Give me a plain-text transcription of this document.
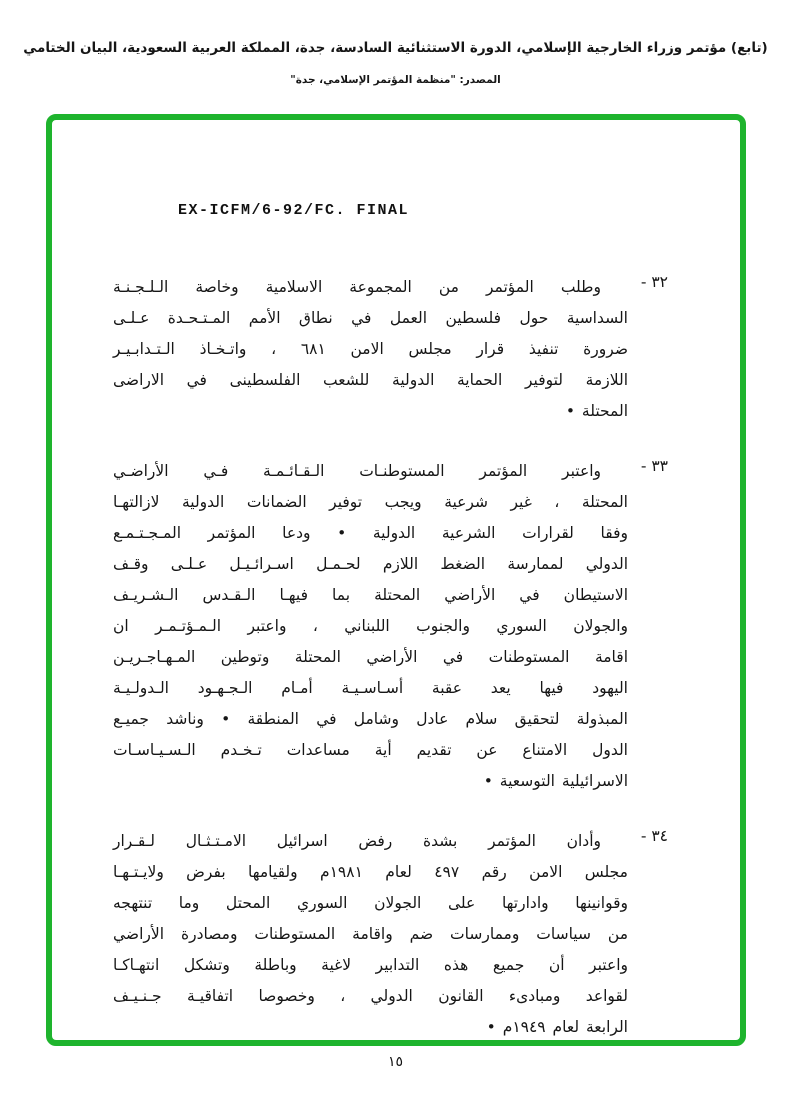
(تابع) مؤتمر وزراء الخارجية الإسلامي، الدورة الاستثنائية السادسة، جدة، المملكة العربية السعودية، البيان الختامي
المصدر: "منظمة المؤتمر الإسلامي، جدة"
EX-ICFM/6-92/FC. FINAL
٣٢ -
وطلب المؤتمر من المجموعة الاسلامية وخاصة الـلـجـنـة
السداسية حول فلسطين العمل في نطاق الأمم المـتـحـدة عـلـى
ضرورة تنفيذ قرار مجلس الامن ٦٨١ ، واتـخـاذ الـتـدابـيـر
اللازمة لتوفير الحماية الدولية للشعب الفلسطينى في الاراضى
المحتلة •
٣٣ -
واعتبر المؤتمر المستوطنـات الـقـائـمـة فـي الأراضـي
المحتلة ، غير شرعية ويجب توفير الضمانات الدولية لازالتهـا
وفقا لقرارات الشرعية الدولية • ودعا المؤتمر المـجـتـمـع
الدولي لممارسة الضغط اللازم لحـمـل اسـرائـيـل عـلـى وقـف
الاستيطان في الأراضي المحتلة بما فيهـا الـقـدس الـشـريـف
والجولان السوري والجنوب اللبناني ، واعتبر الـمـؤتـمـر ان
اقامة المستوطنات في الأراضي المحتلة وتوطين المـهـاجـريـن
اليهود فيها يعد عقبة أسـاسـيـة أمـام الـجـهـود الـدولـيـة
المبذولة لتحقيق سلام عادل وشامل في المنطقة • وناشد جميـع
الدول الامتناع عن تقديم أية مساعدات تـخـدم الـسـيـاسـات
الاسرائيلية التوسعية •
٣٤ -
وأدان المؤتمر بشدة رفض اسرائيل الامـتـثـال لـقـرار
مجلس الامن رقم ٤٩٧ لعام ١٩٨١م ولقيامها بفرض ولايـتـهـا
وقوانينها وادارتها على الجولان السوري المحتل وما تنتهجه
من سياسات وممارسات ضم واقامة المستوطنات ومصادرة الأراضي
واعتبر أن جميع هذه التدابير لاغية وباطلة وتشكل انتهـاكـا
لقواعد ومبادىء القانون الدولي ، وخصوصا اتفاقيـة جـنـيـف
الرابعة لعام ١٩٤٩م •
١٥
